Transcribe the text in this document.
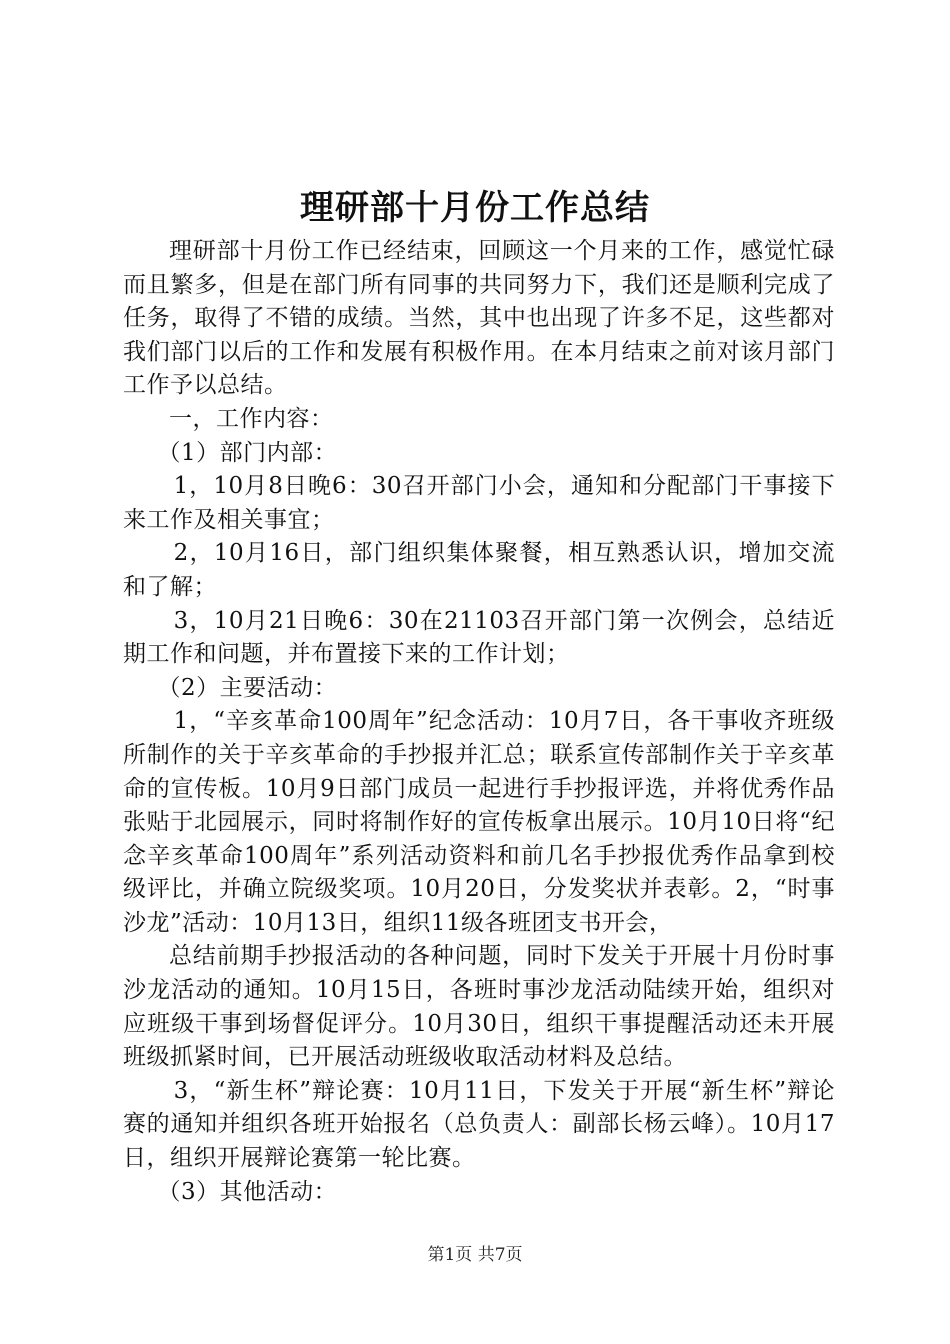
理研部十月份工作总结

理研部十月份工作已经结束，回顾这一个月来的工作，感觉忙碌而且繁多，但是在部门所有同事的共同努力下，我们还是顺利完成了任务，取得了不错的成绩。当然，其中也出现了许多不足，这些都对我们部门以后的工作和发展有积极作用。在本月结束之前对该月部门工作予以总结。

一，工作内容：

（1）部门内部：

1，10月8日晚6：30召开部门小会，通知和分配部门干事接下来工作及相关事宜；

2，10月16日，部门组织集体聚餐，相互熟悉认识，增加交流和了解；

3，10月21日晚6：30在21103召开部门第一次例会，总结近期工作和问题，并布置接下来的工作计划；

（2）主要活动：

1，“辛亥革命100周年”纪念活动：10月7日，各干事收齐班级所制作的关于辛亥革命的手抄报并汇总；联系宣传部制作关于辛亥革命的宣传板。10月9日部门成员一起进行手抄报评选，并将优秀作品张贴于北园展示，同时将制作好的宣传板拿出展示。10月10日将“纪念辛亥革命100周年”系列活动资料和前几名手抄报优秀作品拿到校级评比，并确立院级奖项。10月20日，分发奖状并表彰。2，“时事沙龙”活动：10月13日，组织11级各班团支书开会，

总结前期手抄报活动的各种问题，同时下发关于开展十月份时事沙龙活动的通知。10月15日，各班时事沙龙活动陆续开始，组织对应班级干事到场督促评分。10月30日，组织干事提醒活动还未开展班级抓紧时间，已开展活动班级收取活动材料及总结。

3，“新生杯”辩论赛：10月11日，下发关于开展“新生杯”辩论赛的通知并组织各班开始报名（总负责人：副部长杨云峰）。10月17日，组织开展辩论赛第一轮比赛。

（3）其他活动：

第1页 共7页
